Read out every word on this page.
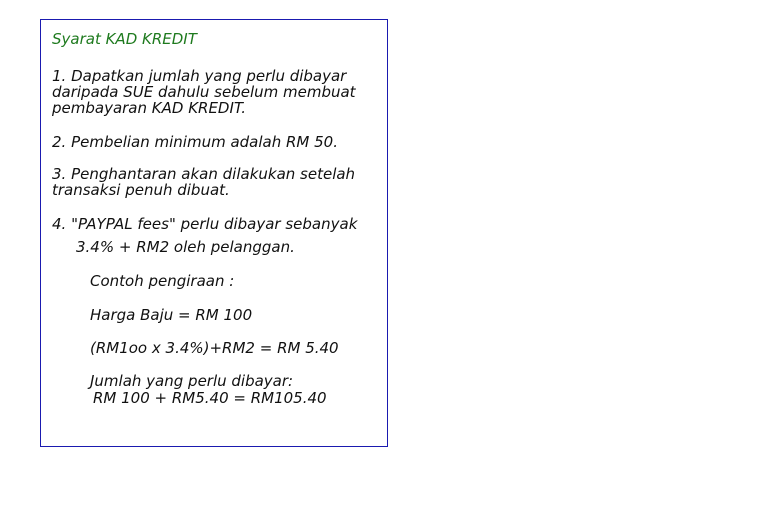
Syarat KAD KREDIT
1. Dapatkan jumlah yang perlu dibayar
daripada SUE dahulu sebelum membuat
pembayaran KAD KREDIT.
2. Pembelian minimum adalah RM 50.
3. Penghantaran akan dilakukan setelah
transaksi penuh dibuat.
4. "PAYPAL fees" perlu dibayar sebanyak
3.4% + RM2 oleh pelanggan.
Contoh pengiraan :
Harga Baju = RM 100
(RM1oo x 3.4%)+RM2 = RM 5.40
Jumlah yang perlu dibayar:
RM 100 + RM5.40 = RM105.40
